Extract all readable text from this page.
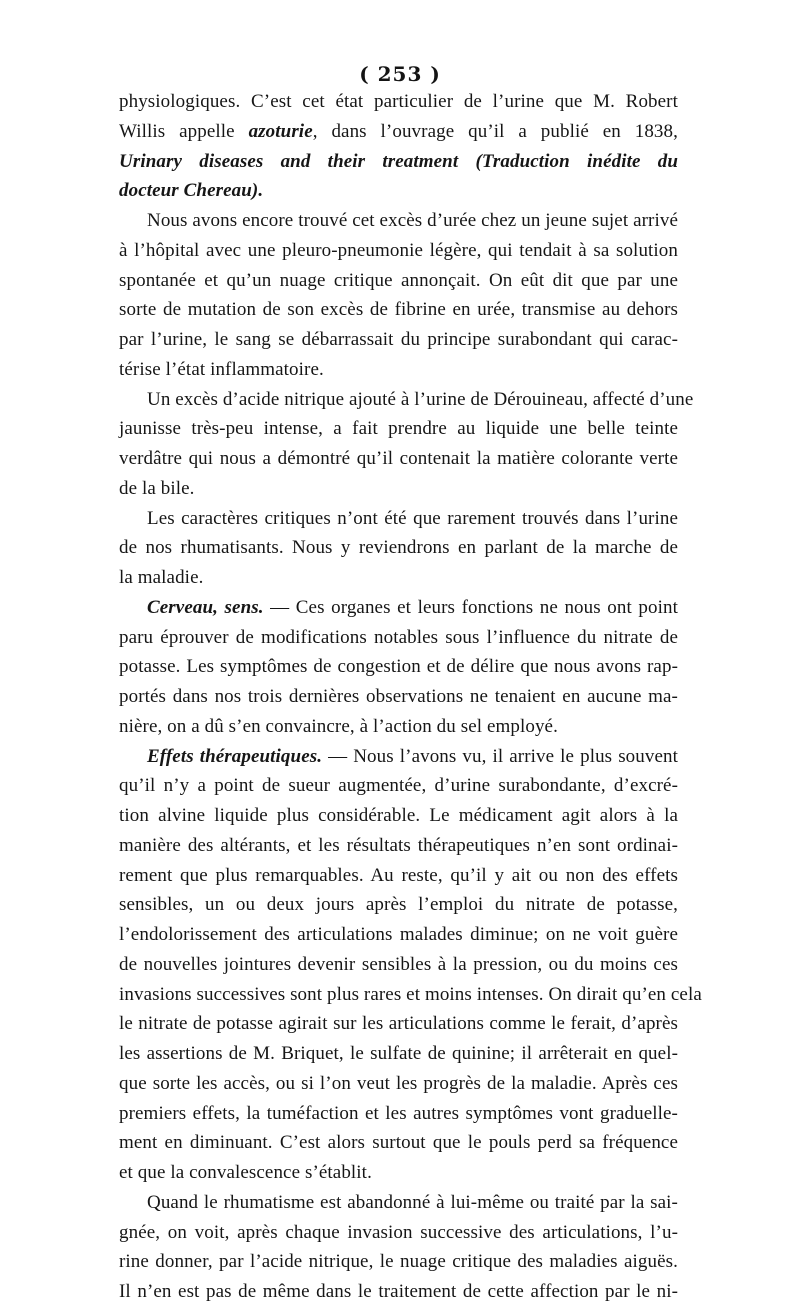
( 253 )
physiologiques. C’est cet état particulier de l’urine que M. Robert
Willis appelle azoturie, dans l’ouvrage qu’il a publié en 1838,
Urinary diseases and their treatment (Traduction inédite du
docteur Chereau).
Nous avons encore trouvé cet excès d’urée chez un jeune sujet arrivé
à l’hôpital avec une pleuro-pneumonie légère, qui tendait à sa solution
spontanée et qu’un nuage critique annonçait. On eût dit que par une
sorte de mutation de son excès de fibrine en urée, transmise au dehors
par l’urine, le sang se débarrassait du principe surabondant qui carac-
térise l’état inflammatoire.
Un excès d’acide nitrique ajouté à l’urine de Dérouineau, affecté d’une
jaunisse très-peu intense, a fait prendre au liquide une belle teinte
verdâtre qui nous a démontré qu’il contenait la matière colorante verte
de la bile.
Les caractères critiques n’ont été que rarement trouvés dans l’urine
de nos rhumatisants. Nous y reviendrons en parlant de la marche de
la maladie.
Cerveau, sens. — Ces organes et leurs fonctions ne nous ont point
paru éprouver de modifications notables sous l’influence du nitrate de
potasse. Les symptômes de congestion et de délire que nous avons rap-
portés dans nos trois dernières observations ne tenaient en aucune ma-
nière, on a dû s’en convaincre, à l’action du sel employé.
Effets thérapeutiques. — Nous l’avons vu, il arrive le plus souvent
qu’il n’y a point de sueur augmentée, d’urine surabondante, d’excré-
tion alvine liquide plus considérable. Le médicament agit alors à la
manière des altérants, et les résultats thérapeutiques n’en sont ordinai-
rement que plus remarquables. Au reste, qu’il y ait ou non des effets
sensibles, un ou deux jours après l’emploi du nitrate de potasse,
l’endolorissement des articulations malades diminue; on ne voit guère
de nouvelles jointures devenir sensibles à la pression, ou du moins ces
invasions successives sont plus rares et moins intenses. On dirait qu’en cela
le nitrate de potasse agirait sur les articulations comme le ferait, d’après
les assertions de M. Briquet, le sulfate de quinine; il arrêterait en quel-
que sorte les accès, ou si l’on veut les progrès de la maladie. Après ces
premiers effets, la tuméfaction et les autres symptômes vont graduelle-
ment en diminuant. C’est alors surtout que le pouls perd sa fréquence
et que la convalescence s’établit.
Quand le rhumatisme est abandonné à lui-même ou traité par la sai-
gnée, on voit, après chaque invasion successive des articulations, l’u-
rine donner, par l’acide nitrique, le nuage critique des maladies aiguës.
Il n’en est pas de même dans le traitement de cette affection par le ni-
